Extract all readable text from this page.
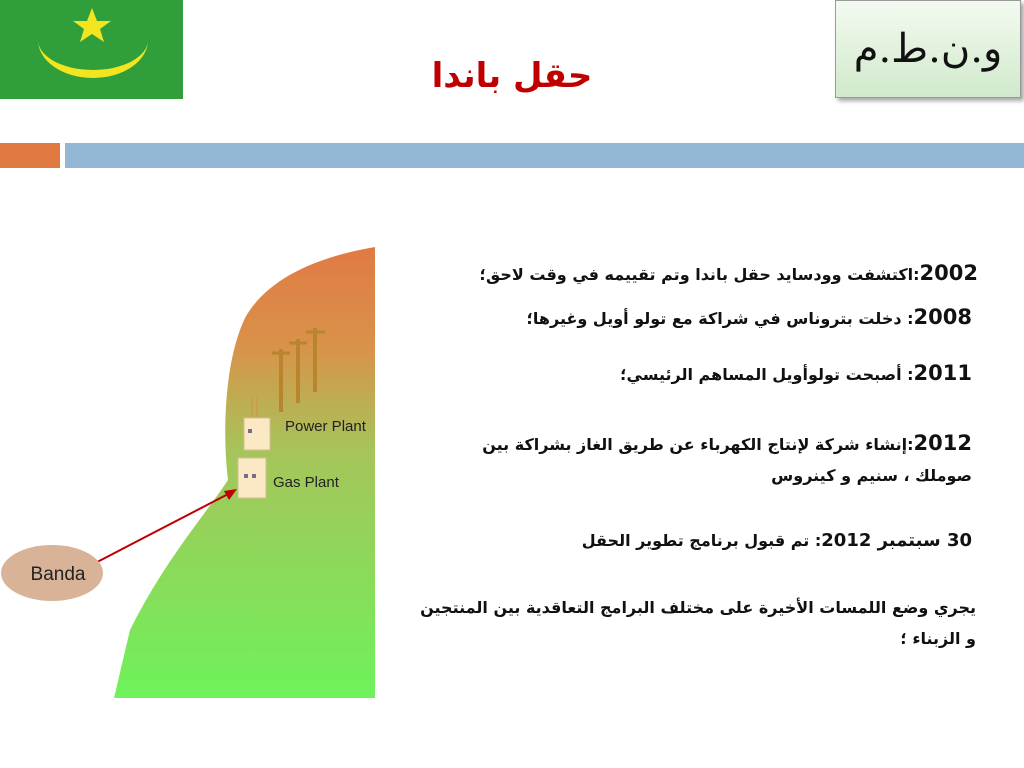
حقل باندا
و.ن.ط.م
Power Plant
Gas Plant
Banda
2002:اكتشفت وودسايد حقل باندا وتم تقييمه في وقت لاحق؛
2008: دخلت بتروناس في شراكة مع تولو أويل وغيرها؛
2011: أصبحت تولوأويل المساهم الرئيسي؛
2012:إنشاء شركة لإنتاج الكهرباء عن طريق الغاز بشراكة بين صوملك ، سنيم و كينروس
30 سبتمبر 2012: تم قبول برنامج تطوير الحقل
يجري وضع اللمسات الأخيرة على مختلف البرامج التعاقدية بين المنتجين و الزبناء ؛
